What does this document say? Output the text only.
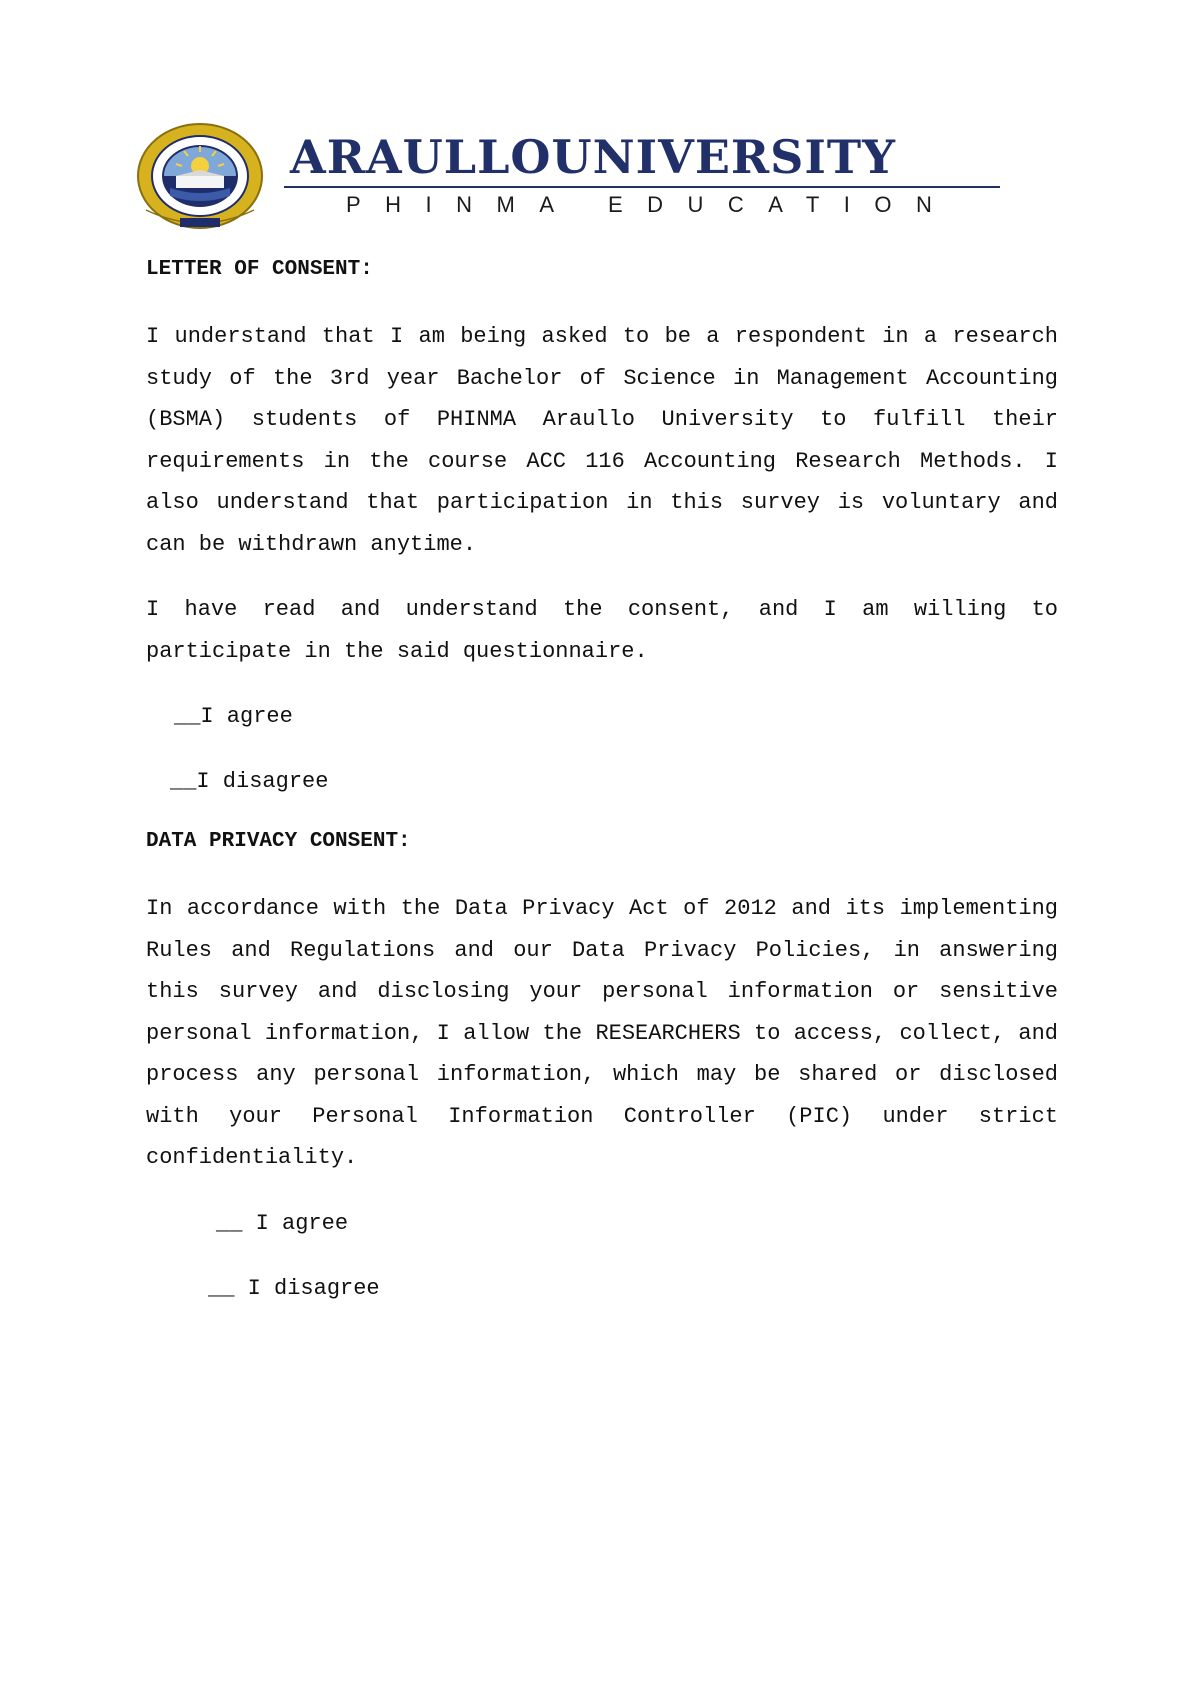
ARAULLOUNIVERSITY
PHINMA EDUCATION
LETTER OF CONSENT:

I understand that I am being asked to be a respondent in a research study of the 3rd year Bachelor of Science in Management Accounting (BSMA) students of PHINMA Araullo University to fulfill their requirements in the course ACC 116 Accounting Research Methods. I also understand that participation in this survey is voluntary and can be withdrawn anytime.

I have read and understand the consent, and I am willing to participate in the said questionnaire.

__I agree
__I disagree
DATA PRIVACY CONSENT:

In accordance with the Data Privacy Act of 2012 and its implementing Rules and Regulations and our Data Privacy Policies, in answering this survey and disclosing your personal information or sensitive personal information, I allow the RESEARCHERS to access, collect, and process any personal information, which may be shared or disclosed with your Personal Information Controller (PIC) under strict confidentiality.

__ I agree
__ I disagree
